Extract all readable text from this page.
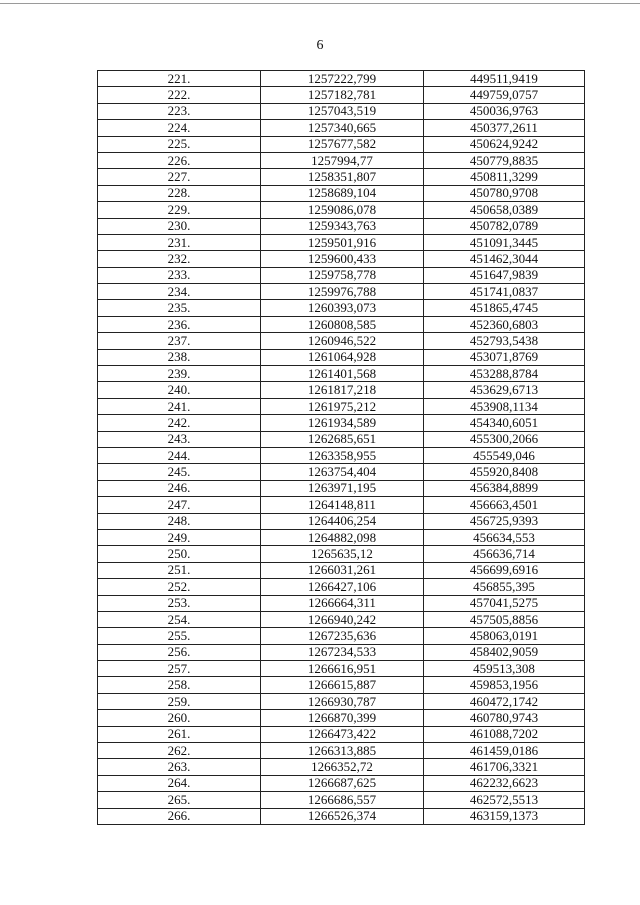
6
221.	1257222,799	449511,9419
222.	1257182,781	449759,0757
223.	1257043,519	450036,9763
224.	1257340,665	450377,2611
225.	1257677,582	450624,9242
226.	1257994,77	450779,8835
227.	1258351,807	450811,3299
228.	1258689,104	450780,9708
229.	1259086,078	450658,0389
230.	1259343,763	450782,0789
231.	1259501,916	451091,3445
232.	1259600,433	451462,3044
233.	1259758,778	451647,9839
234.	1259976,788	451741,0837
235.	1260393,073	451865,4745
236.	1260808,585	452360,6803
237.	1260946,522	452793,5438
238.	1261064,928	453071,8769
239.	1261401,568	453288,8784
240.	1261817,218	453629,6713
241.	1261975,212	453908,1134
242.	1261934,589	454340,6051
243.	1262685,651	455300,2066
244.	1263358,955	455549,046
245.	1263754,404	455920,8408
246.	1263971,195	456384,8899
247.	1264148,811	456663,4501
248.	1264406,254	456725,9393
249.	1264882,098	456634,553
250.	1265635,12	456636,714
251.	1266031,261	456699,6916
252.	1266427,106	456855,395
253.	1266664,311	457041,5275
254.	1266940,242	457505,8856
255.	1267235,636	458063,0191
256.	1267234,533	458402,9059
257.	1266616,951	459513,308
258.	1266615,887	459853,1956
259.	1266930,787	460472,1742
260.	1266870,399	460780,9743
261.	1266473,422	461088,7202
262.	1266313,885	461459,0186
263.	1266352,72	461706,3321
264.	1266687,625	462232,6623
265.	1266686,557	462572,5513
266.	1266526,374	463159,1373
